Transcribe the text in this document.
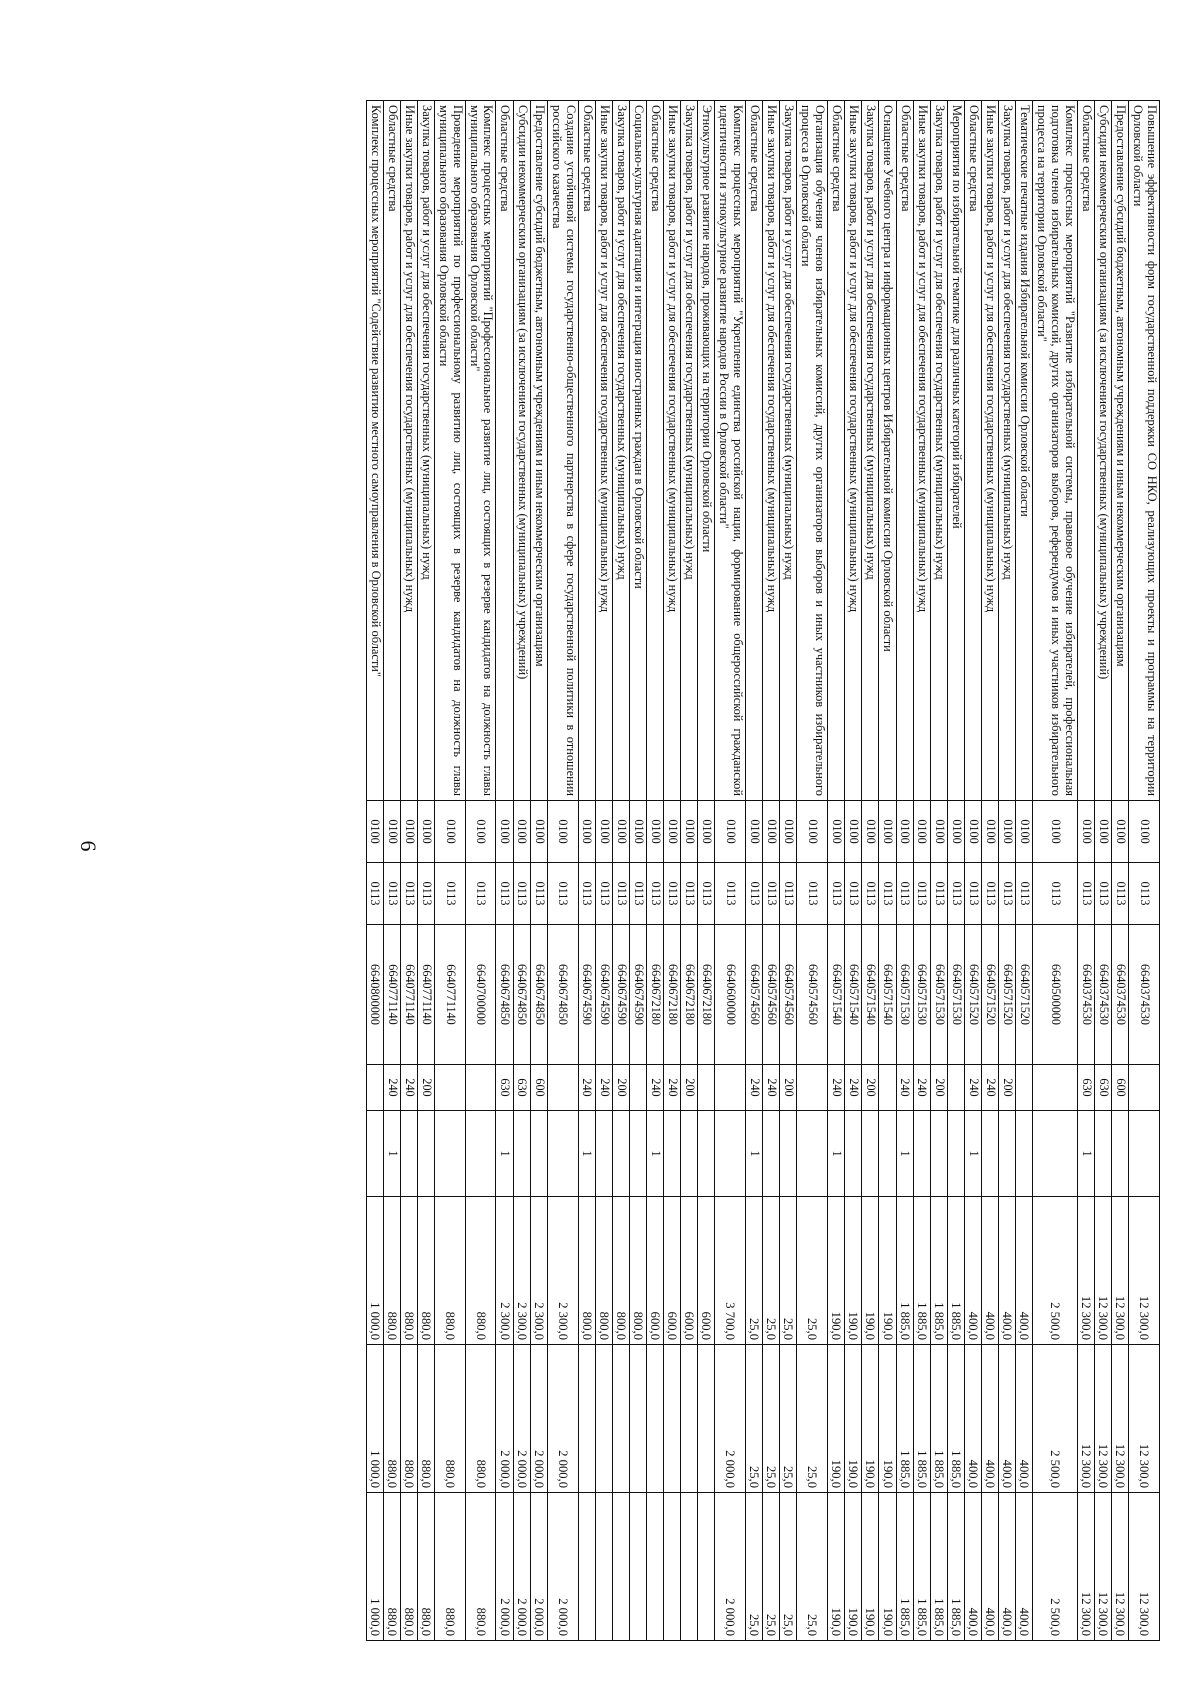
6
Повышение эффективности форм государственной поддержки СО НКО, реализующих проекты и программы на территории Орловской области	0100	0113	6640374530			12 300,0	12 300,0	12 300,0
Предоставление субсидий бюджетным, автономным учреждениям и иным некоммерческим организациям	0100	0113	6640374530	600		12 300,0	12 300,0	12 300,0
Субсидии некоммерческим организациям (за исключением государственных (муниципальных) учреждений)	0100	0113	6640374530	630		12 300,0	12 300,0	12 300,0
Областные средства	0100	0113	6640374530	630	1	12 300,0	12 300,0	12 300,0
Комплекс процессных мероприятий "Развитие избирательной системы, правовое обучение избирателей, профессиональная подготовка членов избирательных комиссий, других организаторов выборов, референдумов и иных участников избирательного процесса на территории Орловской области"	0100	0113	6640500000			2 500,0	2 500,0	2 500,0
Тематические печатные издания Избирательной комиссии Орловской области	0100	0113	6640571520			400,0	400,0	400,0
Закупка товаров, работ и услуг для обеспечения государственных (муниципальных) нужд	0100	0113	6640571520	200		400,0	400,0	400,0
Иные закупки товаров, работ и услуг для обеспечения государственных (муниципальных) нужд	0100	0113	6640571520	240		400,0	400,0	400,0
Областные средства	0100	0113	6640571520	240	1	400,0	400,0	400,0
Мероприятия по избирательной тематике для различных категорий избирателей	0100	0113	6640571530			1 885,0	1 885,0	1 885,0
Закупка товаров, работ и услуг для обеспечения государственных (муниципальных) нужд	0100	0113	6640571530	200		1 885,0	1 885,0	1 885,0
Иные закупки товаров, работ и услуг для обеспечения государственных (муниципальных) нужд	0100	0113	6640571530	240		1 885,0	1 885,0	1 885,0
Областные средства	0100	0113	6640571530	240	1	1 885,0	1 885,0	1 885,0
Оснащение Учебного центра и информационных центров Избирательной комиссии Орловской области	0100	0113	6640571540			190,0	190,0	190,0
Закупка товаров, работ и услуг для обеспечения государственных (муниципальных) нужд	0100	0113	6640571540	200		190,0	190,0	190,0
Иные закупки товаров, работ и услуг для обеспечения государственных (муниципальных) нужд	0100	0113	6640571540	240		190,0	190,0	190,0
Областные средства	0100	0113	6640571540	240	1	190,0	190,0	190,0
Организация обучения членов избирательных комиссий, других организаторов выборов и иных участников избирательного процесса в Орловской области	0100	0113	6640574560			25,0	25,0	25,0
Закупка товаров, работ и услуг для обеспечения государственных (муниципальных) нужд	0100	0113	6640574560	200		25,0	25,0	25,0
Иные закупки товаров, работ и услуг для обеспечения государственных (муниципальных) нужд	0100	0113	6640574560	240		25,0	25,0	25,0
Областные средства	0100	0113	6640574560	240	1	25,0	25,0	25,0
Комплекс процессных мероприятий "Укрепление единства российской нации, формирование общероссийской гражданской идентичности и этнокультурное развитие народов России в Орловской области"	0100	0113	6640600000			3 700,0	2 000,0	2 000,0
Этнокультурное развитие народов, проживающих на территории Орловской области	0100	0113	6640672180			600,0		
Закупка товаров, работ и услуг для обеспечения государственных (муниципальных) нужд	0100	0113	6640672180	200		600,0		
Иные закупки товаров, работ и услуг для обеспечения государственных (муниципальных) нужд	0100	0113	6640672180	240		600,0		
Областные средства	0100	0113	6640672180	240	1	600,0		
Социально-культурная адаптация и интеграция иностранных граждан в Орловской области	0100	0113	6640674590			800,0		
Закупка товаров, работ и услуг для обеспечения государственных (муниципальных) нужд	0100	0113	6640674590	200		800,0		
Иные закупки товаров, работ и услуг для обеспечения государственных (муниципальных) нужд	0100	0113	6640674590	240		800,0		
Областные средства	0100	0113	6640674590	240	1	800,0		
Создание устойчивой системы государственно-общественного партнерства в сфере государственной политики в отношении российского казачества	0100	0113	6640674850			2 300,0	2 000,0	2 000,0
Предоставление субсидий бюджетным, автономным учреждениям и иным некоммерческим организациям	0100	0113	6640674850	600		2 300,0	2 000,0	2 000,0
Субсидии некоммерческим организациям (за исключением государственных (муниципальных) учреждений)	0100	0113	6640674850	630		2 300,0	2 000,0	2 000,0
Областные средства	0100	0113	6640674850	630	1	2 300,0	2 000,0	2 000,0
Комплекс процессных мероприятий "Профессиональное развитие лиц, состоящих в резерве кандидатов на должность главы муниципального образования Орловской области"	0100	0113	6640700000			880,0	880,0	880,0
Проведение мероприятий по профессиональному развитию лиц, состоящих в резерве кандидатов на должность главы муниципального образования Орловской области	0100	0113	6640771140			880,0	880,0	880,0
Закупка товаров, работ и услуг для обеспечения государственных (муниципальных) нужд	0100	0113	6640771140	200		880,0	880,0	880,0
Иные закупки товаров, работ и услуг для обеспечения государственных (муниципальных) нужд	0100	0113	6640771140	240		880,0	880,0	880,0
Областные средства	0100	0113	6640771140	240	1	880,0	880,0	880,0
Комплекс процессных мероприятий "Содействие развитию местного самоуправления в Орловской области"	0100	0113	6640800000			1 000,0	1 000,0	1 000,0
